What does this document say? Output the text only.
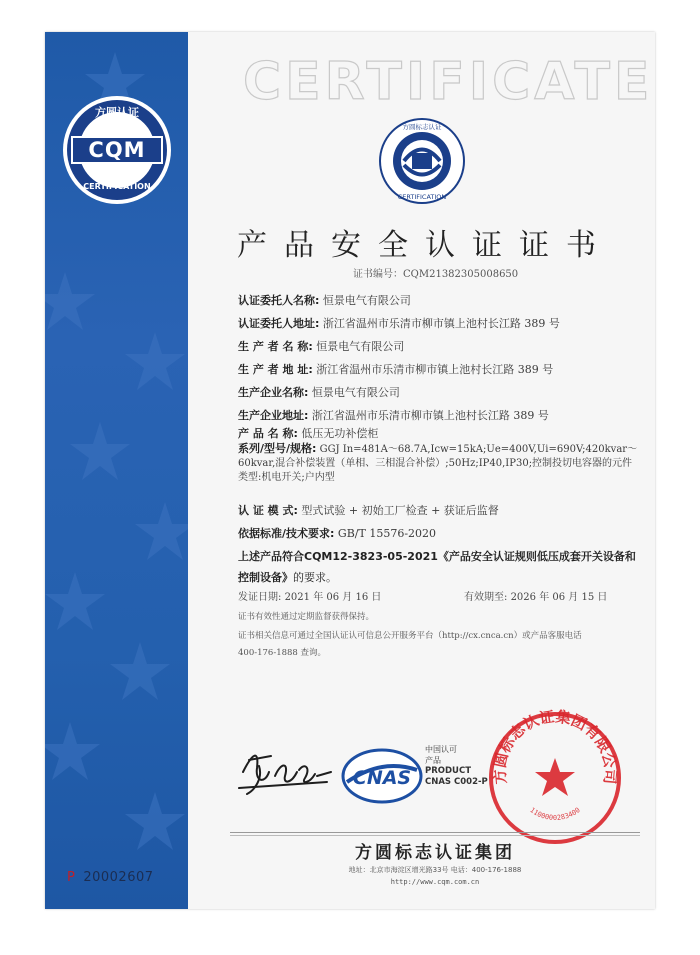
CQM
方圆认证
CERTIFICATION
P 20002607
CERTIFICATE
方圆标志认证
CERTIFICATION
产品安全认证证书
证书编号：CQM21382305008650
认证委托人名称: 恒景电气有限公司
认证委托人地址: 浙江省温州市乐清市柳市镇上池村长江路 389 号
生 产 者 名 称: 恒景电气有限公司
生 产 者 地 址: 浙江省温州市乐清市柳市镇上池村长江路 389 号
生产企业名称: 恒景电气有限公司
生产企业地址: 浙江省温州市乐清市柳市镇上池村长江路 389 号
产 品 名 称: 低压无功补偿柜
系列/型号/规格: GGJ In=481A～68.7A,Icw=15kA;Ue=400V,Ui=690V;420kvar～60kvar,混合补偿装置（单相、三相混合补偿）;50Hz;IP40,IP30;控制投切电容器的元件类型:机电开关;户内型
认 证 模 式: 型式试验 + 初始工厂检查 + 获证后监督
依据标准/技术要求: GB/T 15576-2020
上述产品符合CQM12-3823-05-2021《产品安全认证规则低压成套开关设备和控制设备》的要求。
发证日期: 2021 年 06 月 16 日	有效期至: 2026 年 06 月 15 日
证书有效性通过定期监督获得保持。
证书相关信息可通过全国认证认可信息公开服务平台（http://cx.cnca.cn）或产品客服电话
400-176-1888 查询。
CNAS
中国认可
产品
PRODUCT
CNAS C002-P 方圆标志认证集团有限公司
1100000283400
方圆标志认证集团
地址：北京市海淀区增光路33号 电话：400-176-1888
http://www.cqm.com.cn
